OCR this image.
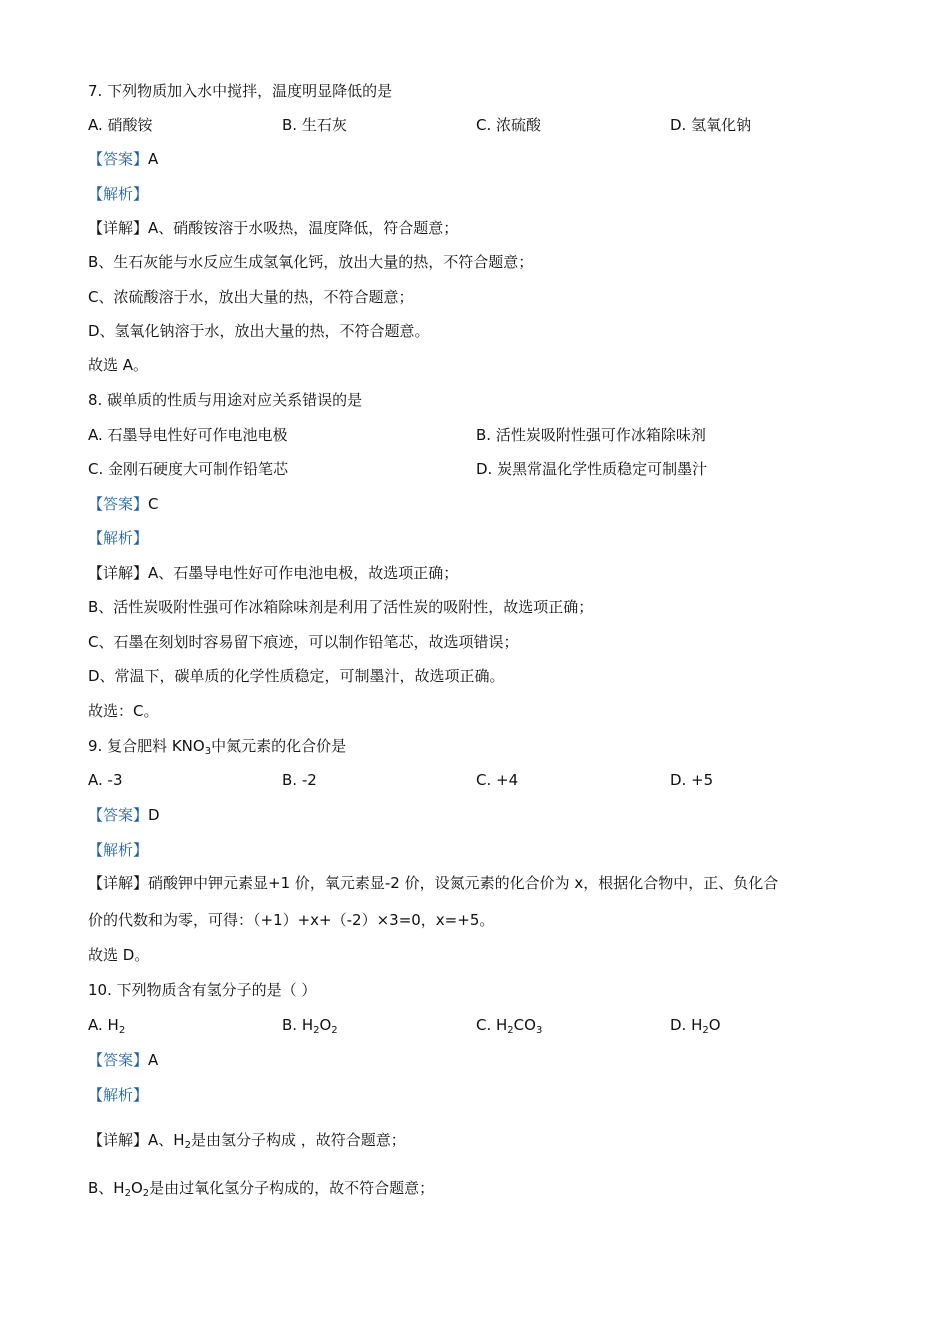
7. 下列物质加入水中搅拌，温度明显降低的是
A. 硝酸铵	B. 生石灰	C. 浓硫酸	D. 氢氧化钠
【答案】A
【解析】
【详解】A、硝酸铵溶于水吸热，温度降低，符合题意；
B、生石灰能与水反应生成氢氧化钙，放出大量的热，不符合题意；
C、浓硫酸溶于水，放出大量的热，不符合题意；
D、氢氧化钠溶于水，放出大量的热，不符合题意。
故选 A。
8. 碳单质的性质与用途对应关系错误的是
A. 石墨导电性好可作电池电极	B. 活性炭吸附性强可作冰箱除味剂
C. 金刚石硬度大可制作铅笔芯	D. 炭黑常温化学性质稳定可制墨汁
【答案】C
【解析】
【详解】A、石墨导电性好可作电池电极，故选项正确；
B、活性炭吸附性强可作冰箱除味剂是利用了活性炭的吸附性，故选项正确；
C、石墨在刻划时容易留下痕迹，可以制作铅笔芯，故选项错误；
D、常温下，碳单质的化学性质稳定，可制墨汁，故选项正确。
故选：C。
9. 复合肥料 $KNO_3$中氮元素的化合价是
A. -3	B. -2	C. +4	D. +5
【答案】D
【解析】
【详解】硝酸钾中钾元素显+1 价，氧元素显-2 价，设氮元素的化合价为 x，根据化合物中，正、负化合
价的代数和为零，可得：（+1）+x+（-2）×3=0，x=+5。
故选 D。
10. 下列物质含有氢分子的是（ ）
A. $H_2$	B. $H_2O_2$	C. $H_2CO_3$	D. $H_2O$
【答案】A
【解析】
【详解】A、$H_2$是由氢分子构成 ，故符合题意；
B、$H_2O_2$是由过氧化氢分子构成的，故不符合题意；
